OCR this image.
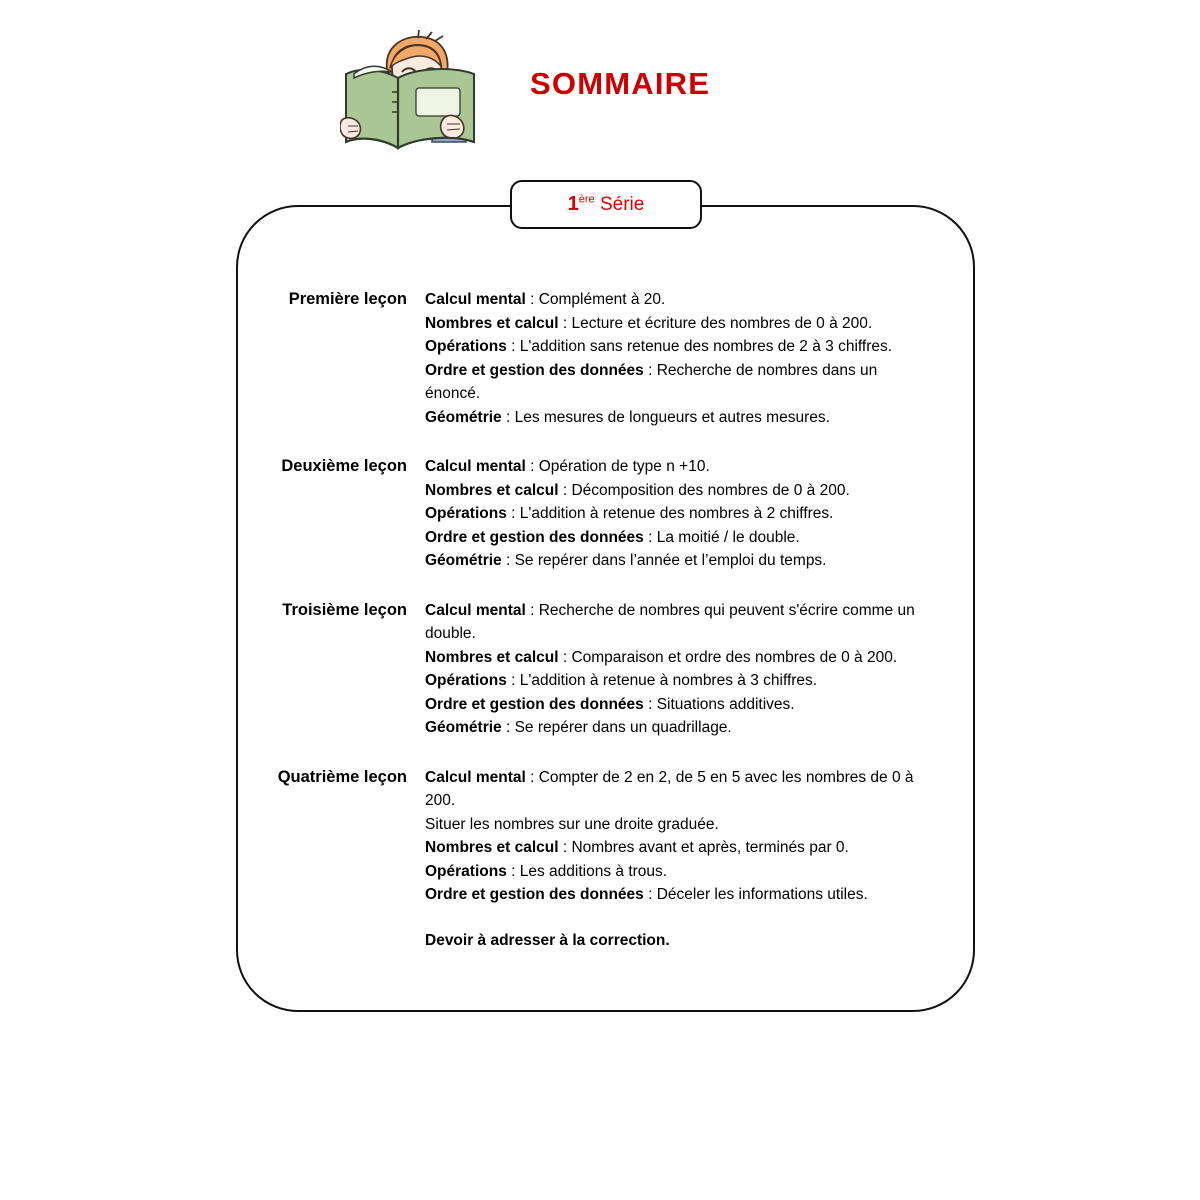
SOMMAIRE
1ère Série
Première leçon	Calcul mental : Complément à 20.

Nombres et calcul : Lecture et écriture des nombres de 0 à 200.

Opérations : L'addition sans retenue des nombres de 2 à 3 chiffres.

Ordre et gestion des données : Recherche de nombres dans un énoncé.

Géométrie : Les mesures de longueurs et autres mesures.

Deuxième leçon	Calcul mental : Opération de type n +10.

Nombres et calcul : Décomposition des nombres de 0 à 200.

Opérations : L'addition à retenue des nombres à 2 chiffres.

Ordre et gestion des données : La moitié / le double.

Géométrie : Se repérer dans l’année et l’emploi du temps.

Troisième leçon	Calcul mental : Recherche de nombres qui peuvent s'écrire comme un double.

Nombres et calcul : Comparaison et ordre des nombres de 0 à 200.

Opérations : L'addition à retenue à nombres à 3 chiffres.

Ordre et gestion des données : Situations additives.

Géométrie : Se repérer dans un quadrillage.

Quatrième leçon	Calcul mental : Compter de 2 en 2, de 5 en 5 avec les nombres de 0 à 200.

Situer les nombres sur une droite graduée.

Nombres et calcul : Nombres avant et après, terminés par 0.

Opérations : Les additions à trous.

Ordre et gestion des données : Déceler les informations utiles.

Devoir à adresser à la correction.
